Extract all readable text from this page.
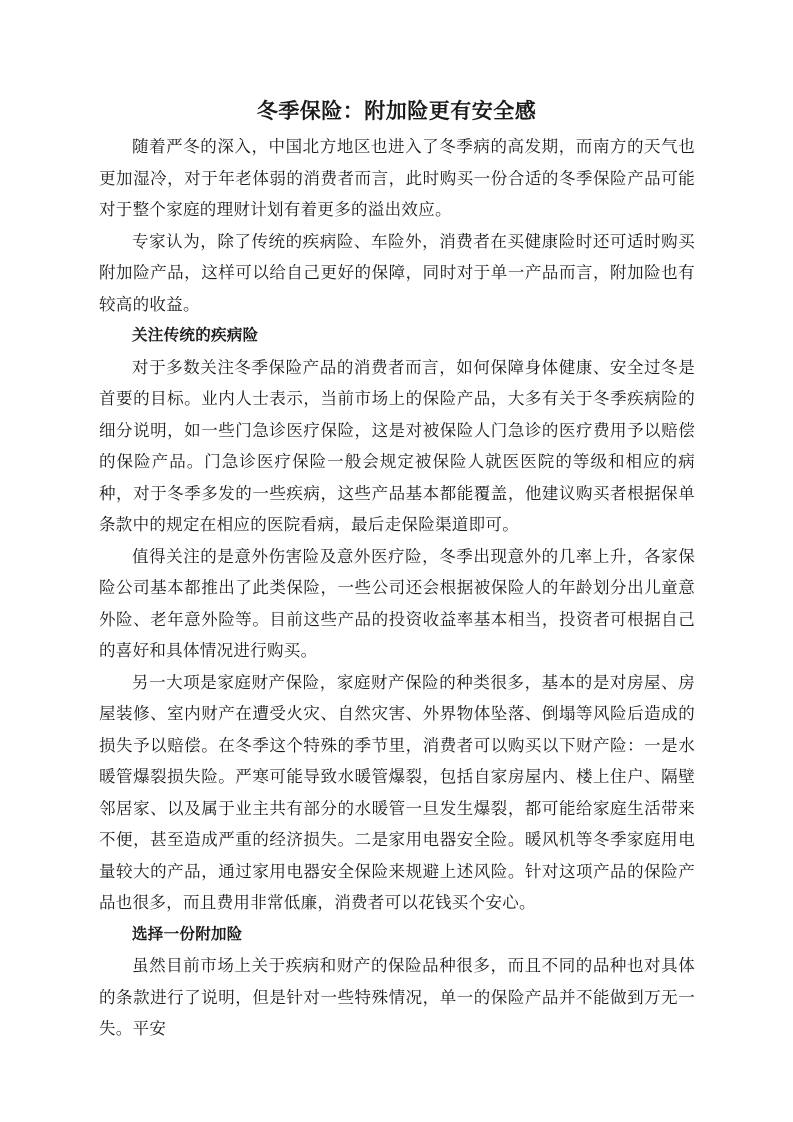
冬季保险：附加险更有安全感

随着严冬的深入，中国北方地区也进入了冬季病的高发期，而南方的天气也更加湿冷，对于年老体弱的消费者而言，此时购买一份合适的冬季保险产品可能对于整个家庭的理财计划有着更多的溢出效应。

专家认为，除了传统的疾病险、车险外，消费者在买健康险时还可适时购买附加险产品，这样可以给自己更好的保障，同时对于单一产品而言，附加险也有较高的收益。

关注传统的疾病险

对于多数关注冬季保险产品的消费者而言，如何保障身体健康、安全过冬是首要的目标。业内人士表示，当前市场上的保险产品，大多有关于冬季疾病险的细分说明，如一些门急诊医疗保险，这是对被保险人门急诊的医疗费用予以赔偿的保险产品。门急诊医疗保险一般会规定被保险人就医医院的等级和相应的病种，对于冬季多发的一些疾病，这些产品基本都能覆盖，他建议购买者根据保单条款中的规定在相应的医院看病，最后走保险渠道即可。

值得关注的是意外伤害险及意外医疗险，冬季出现意外的几率上升，各家保险公司基本都推出了此类保险，一些公司还会根据被保险人的年龄划分出儿童意外险、老年意外险等。目前这些产品的投资收益率基本相当，投资者可根据自己的喜好和具体情况进行购买。

另一大项是家庭财产保险，家庭财产保险的种类很多，基本的是对房屋、房屋装修、室内财产在遭受火灾、自然灾害、外界物体坠落、倒塌等风险后造成的损失予以赔偿。在冬季这个特殊的季节里，消费者可以购买以下财产险：一是水暖管爆裂损失险。严寒可能导致水暖管爆裂，包括自家房屋内、楼上住户、隔壁邻居家、以及属于业主共有部分的水暖管一旦发生爆裂，都可能给家庭生活带来不便，甚至造成严重的经济损失。二是家用电器安全险。暖风机等冬季家庭用电量较大的产品，通过家用电器安全保险来规避上述风险。针对这项产品的保险产品也很多，而且费用非常低廉，消费者可以花钱买个安心。

选择一份附加险

虽然目前市场上关于疾病和财产的保险品种很多，而且不同的品种也对具体的条款进行了说明，但是针对一些特殊情况，单一的保险产品并不能做到万无一失。平安
